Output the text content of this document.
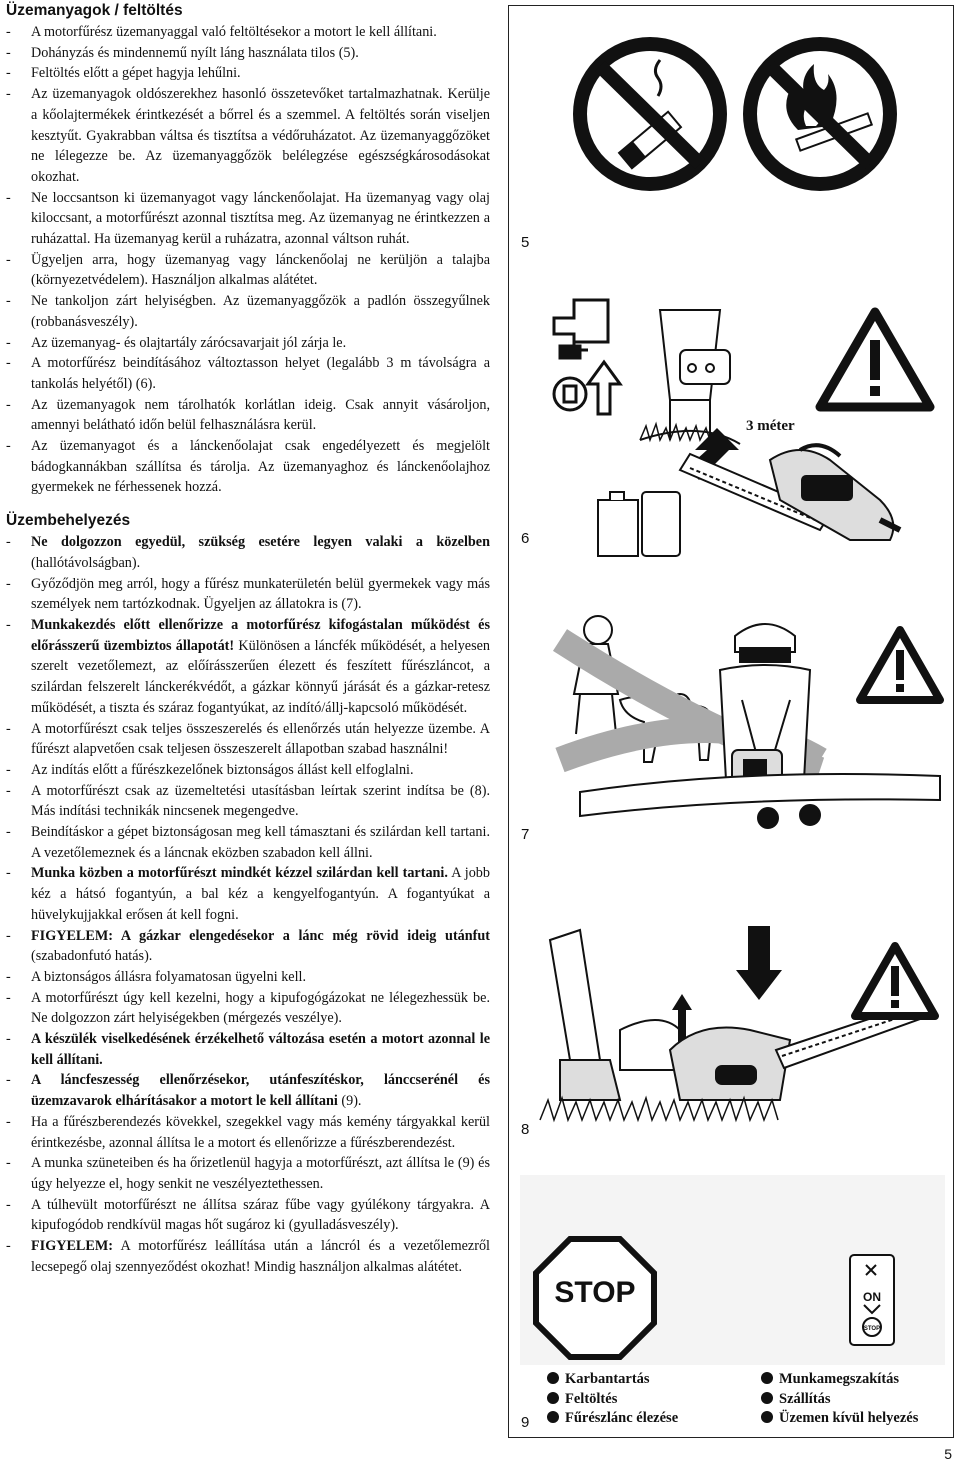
Üzemanyagok / feltöltés
- A motorfűrész üzemanyaggal való feltöltésekor a motort le kell állítani.
- Dohányzás és mindennemű nyílt láng használata tilos (5).
- Feltöltés előtt a gépet hagyja lehűlni.
- Az üzemanyagok oldószerekhez hasonló összetevőket tartalmazhatnak. Kerülje a kőolajtermékek érintkezését a bőrrel és a szemmel. A feltöltés során viseljen kesztyűt. Gyakrabban váltsa és tisztítsa a védőruházatot. Az üzemanyaggőzöket ne lélegezze be. Az üzemanyaggőzök belélegzése egészségkárosodásokat okozhat.
- Ne loccsantson ki üzemanyagot vagy lánckenőolajat. Ha üzemanyag vagy olaj kiloccsant, a motorfűrészt azonnal tisztítsa meg. Az üzemanyag ne érintkezzen a ruházattal. Ha üzemanyag kerül a ruházatra, azonnal váltson ruhát.
- Ügyeljen arra, hogy üzemanyag vagy lánckenőolaj ne kerüljön a talajba (környezetvédelem). Használjon alkalmas alátétet.
- Ne tankoljon zárt helyiségben. Az üzemanyaggőzök a padlón összegyűlnek (robbanásveszély).
- Az üzemanyag- és olajtartály zárócsavarjait jól zárja le.
- A motorfűrész beindításához változtasson helyet (legalább 3 m távolságra a tankolás helyétől) (6).
- Az üzemanyagok nem tárolhatók korlátlan ideig. Csak annyit vásároljon, amennyi belátható időn belül felhasználásra kerül.
- Az üzemanyagot és a lánckenőolajat csak engedélyezett és megjelölt bádogkannákban szállítsa és tárolja. Az üzemanyaghoz és lánckenőolajhoz gyermekek ne férhessenek hozzá.
Üzembehelyezés
- Ne dolgozzon egyedül, szükség esetére legyen valaki a közelben (hallótávolságban).
- Győződjön meg arról, hogy a fűrész munkaterületén belül gyermekek vagy más személyek nem tartózkodnak. Ügyeljen az állatokra is (7).
- Munkakezdés előtt ellenőrizze a motorfűrész kifogástalan működést és előrásszerű üzembiztos állapotát! Különösen a láncfék működését, a helyesen szerelt vezetőlemezt, az előírásszerűen élezett és feszített fűrészláncot, a szilárdan felszerelt lánckerékvédőt, a gázkar könnyű járását és a gázkar-retesz működését, a tiszta és száraz fogantyúkat, az indító/állj-kapcsoló működését.
- A motorfűrészt csak teljes összeszerelés és ellenőrzés után helyezze üzembe. A fűrészt alapvetően csak teljesen összeszerelt állapotban szabad használni!
- Az indítás előtt a fűrészkezelőnek biztonságos állást kell elfoglalni.
- A motorfűrészt csak az üzemeltetési utasításban leírtak szerint indítsa be (8). Más indítási technikák nincsenek megengedve.
- Beindításkor a gépet biztonságosan meg kell támasztani és szilárdan kell tartani. A vezetőlemeznek és a láncnak eközben szabadon kell állni.
- Munka közben a motorfűrészt mindkét kézzel szilárdan kell tartani. A jobb kéz a hátsó fogantyún, a bal kéz a kengyelfogantyún. A fogantyúkat a hüvelykujjakkal erősen át kell fogni.
- FIGYELEM: A gázkar elengedésekor a lánc még rövid ideig utánfut (szabadonfutó hatás).
- A biztonságos állásra folyamatosan ügyelni kell.
- A motorfűrészt úgy kell kezelni, hogy a kipufogógázokat ne lélegezhessük be. Ne dolgozzon zárt helyiségekben (mérgezés veszélye).
- A készülék viselkedésének érzékelhető változása esetén a motort azonnal le kell állítani.
- A láncfeszesség ellenőrzésekor, utánfeszítéskor, lánccserénél és üzemzavarok elhárításakor a motort le kell állítani (9).
- Ha a fűrészberendezés kövekkel, szegekkel vagy más kemény tárgyakkal kerül érintkezésbe, azonnal állítsa le a motort és ellenőrizze a fűrészberendezést.
- A munka szüneteiben és ha őrizetlenül hagyja a motorfűrészt, azt állítsa le (9) és úgy helyezze el, hogy senkit ne veszélyeztethessen.
- A túlhevült motorfűrészt ne állítsa száraz fűbe vagy gyúlékony tárgyakra. A kipufogódob rendkívül magas hőt sugároz ki (gyulladásveszély).
- FIGYELEM: A motorfűrész leállítása után a láncról és a vezetőlemezről lecsepegő olaj szennyeződést okozhat! Mindig használjon alkalmas alátétet.
5
3 méter
6
7
8
STOP	ON
STOP
Karbantartás
Feltöltés
Fűrészlánc élezése
Munkamegszakítás
Szállítás
Üzemen kívül helyezés
9
5
